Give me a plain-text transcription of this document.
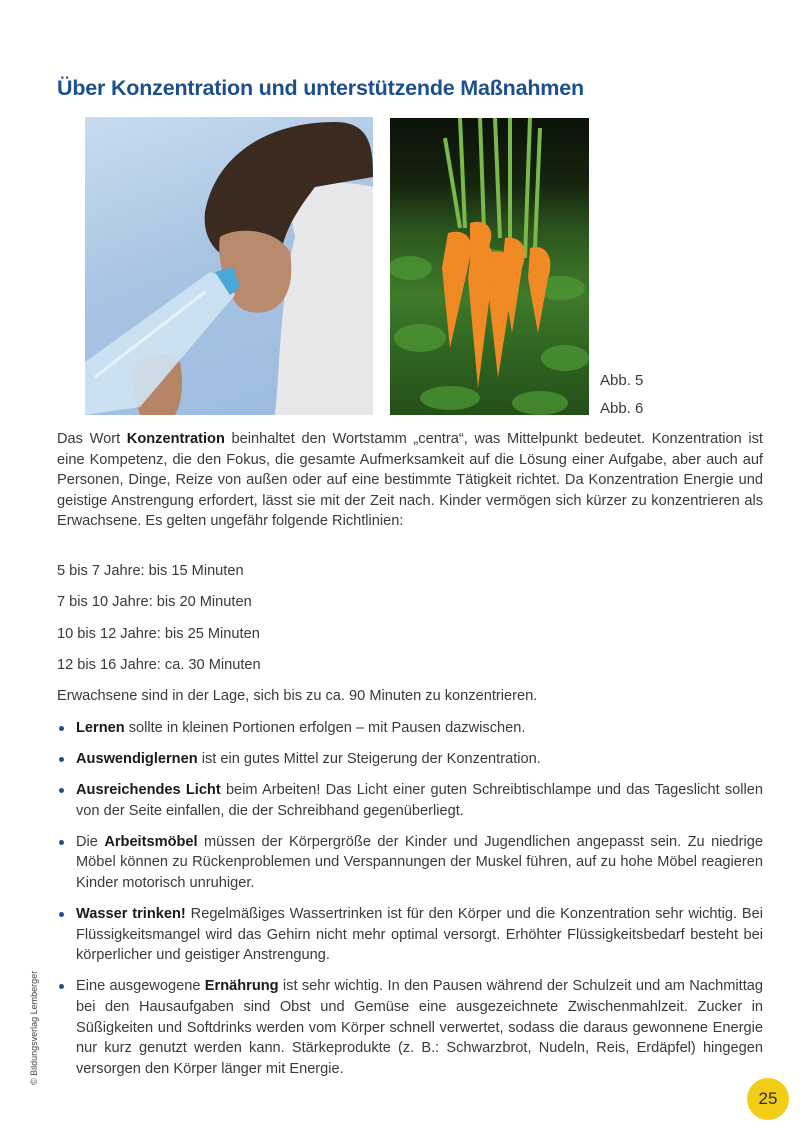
Über Konzentration und unterstützende Maßnahmen
Abb. 5
Abb. 6

Das Wort Konzentration beinhaltet den Wortstamm „centra“, was Mittelpunkt bedeutet. Konzentration ist eine Kompetenz, die den Fokus, die gesamte Aufmerksamkeit auf die Lösung einer Aufgabe, aber auch auf Personen, Dinge, Reize von außen oder auf eine bestimmte Tätigkeit richtet. Da Konzentration Energie und geistige Anstrengung erfordert, lässt sie mit der Zeit nach. Kinder vermögen sich kürzer zu konzentrieren als Erwachsene. Es gelten ungefähr folgende Richtlinien:

5 bis 7 Jahre: bis 15 Minuten
7 bis 10 Jahre: bis 20 Minuten
10 bis 12 Jahre: bis 25 Minuten
12 bis 16 Jahre: ca. 30 Minuten
Erwachsene sind in der Lage, sich bis zu ca. 90 Minuten zu konzentrieren.
Lernen sollte in kleinen Portionen erfolgen – mit Pausen dazwischen.
Auswendiglernen ist ein gutes Mittel zur Steigerung der Konzentration.
Ausreichendes Licht beim Arbeiten! Das Licht einer guten Schreibtischlampe und das Tageslicht sollen von der Seite einfallen, die der Schreibhand gegenüberliegt.
Die Arbeitsmöbel müssen der Körpergröße der Kinder und Jugendlichen angepasst sein. Zu niedrige Möbel können zu Rückenproblemen und Verspannungen der Muskel führen, auf zu hohe Möbel reagieren Kinder motorisch unruhiger.
Wasser trinken! Regelmäßiges Wassertrinken ist für den Körper und die Konzentration sehr wichtig. Bei Flüssigkeitsmangel wird das Gehirn nicht mehr optimal versorgt. Erhöhter Flüssigkeitsbedarf besteht bei körperlicher und geistiger Anstrengung.
Eine ausgewogene Ernährung ist sehr wichtig. In den Pausen während der Schulzeit und am Nachmittag bei den Hausaufgaben sind Obst und Gemüse eine ausgezeichnete Zwischenmahlzeit. Zucker in Süßigkeiten und Softdrinks werden vom Körper schnell verwertet, sodass die daraus gewonnene Energie nur kurz genutzt werden kann. Stärkeprodukte (z. B.: Schwarzbrot, Nudeln, Reis, Erdäpfel) hingegen versorgen den Körper länger mit Energie.
© Bildungsverlag Lemberger
25
